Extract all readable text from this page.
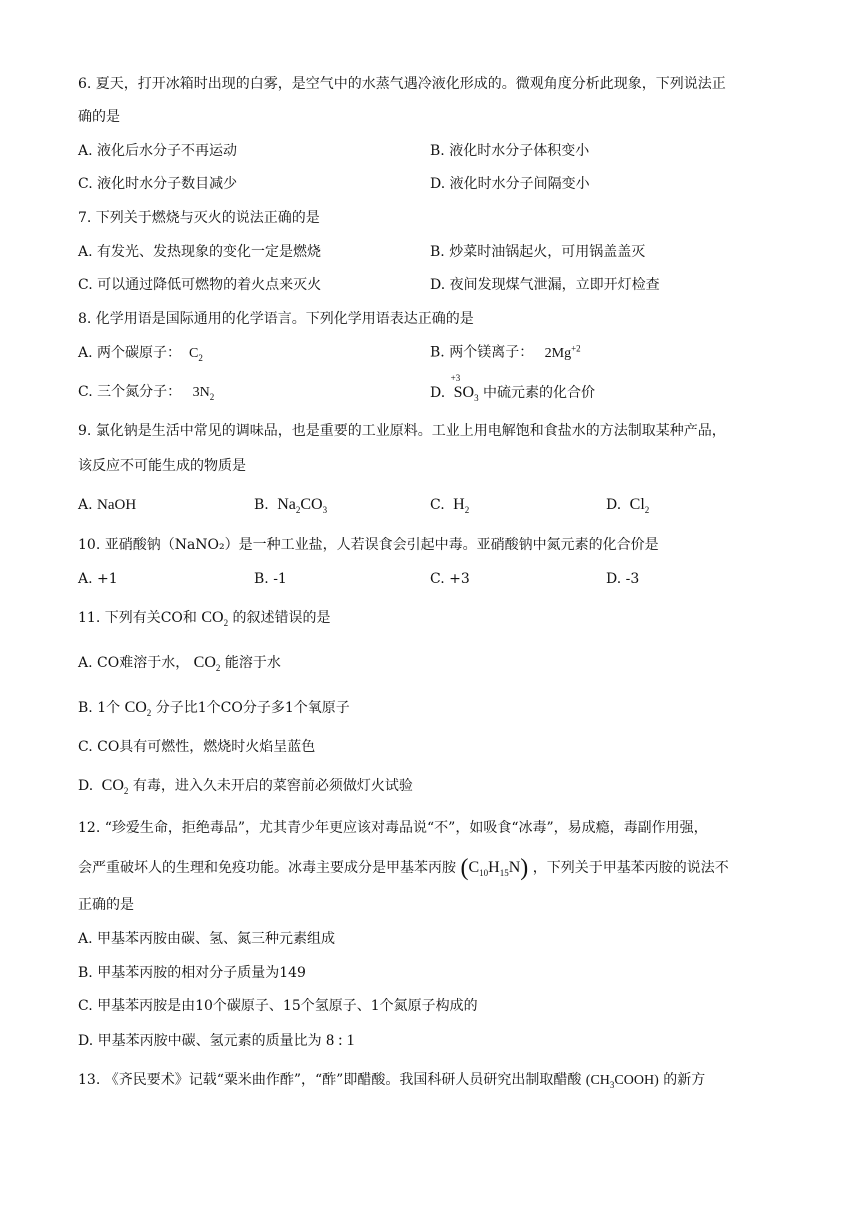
6. 夏天，打开冰箱时出现的白雾，是空气中的水蒸气遇冷液化形成的。微观角度分析此现象，下列说法正
确的是
A. 液化后水分子不再运动	B. 液化时水分子体积变小
C. 液化时水分子数目减少	D. 液化时水分子间隔变小
7. 下列关于燃烧与灭火的说法正确的是
A. 有发光、发热现象的变化一定是燃烧	B. 炒菜时油锅起火，可用锅盖盖灭
C. 可以通过降低可燃物的着火点来灭火	D. 夜间发现煤气泄漏，立即开灯检查
8. 化学用语是国际通用的化学语言。下列化学用语表达正确的是
A. 两个碳原子：  $C_2$	B. 两个镁离子：   $2Mg^{+2}$
C. 三个氮分子：   $3N_2$	D.
+3
$SO_3$ 中硫元素的化合价
9. 氯化钠是生活中常见的调味品，也是重要的工业原料。工业上用电解饱和食盐水的方法制取某种产品，
该反应不可能生成的物质是
A. NaOH	B.  $Na_2CO_3$	C.  $H_2$	D.  $Cl_2$
10. 亚硝酸钠（NaNO₂）是一种工业盐，人若误食会引起中毒。亚硝酸钠中氮元素的化合价是
A. +1	B. -1	C. +3	D. -3
11. 下列有关CO和 $CO_2$ 的叙述错误的是
A. CO难溶于水， $CO_2$ 能溶于水
B. 1个 $CO_2$ 分子比1个CO分子多1个氧原子
C. CO具有可燃性，燃烧时火焰呈蓝色
D.  $CO_2$ 有毒，进入久未开启的菜窖前必须做灯火试验
12. “珍爱生命，拒绝毒品”，尤其青少年更应该对毒品说“不”，如吸食“冰毒”，易成瘾，毒副作用强，
会严重破坏人的生理和免疫功能。冰毒主要成分是甲基苯丙胺 $(C_{10}H_{15}N)$ ，下列关于甲基苯丙胺的说法不
正确的是
A. 甲基苯丙胺由碳、氢、氮三种元素组成
B. 甲基苯丙胺的相对分子质量为149
C. 甲基苯丙胺是由10个碳原子、15个氢原子、1个氮原子构成的
D. 甲基苯丙胺中碳、氢元素的质量比为 8 : 1
13. 《齐民要术》记载“粟米曲作酢”，“酢”即醋酸。我国科研人员研究出制取醋酸 $(CH_3COOH)$ 的新方
